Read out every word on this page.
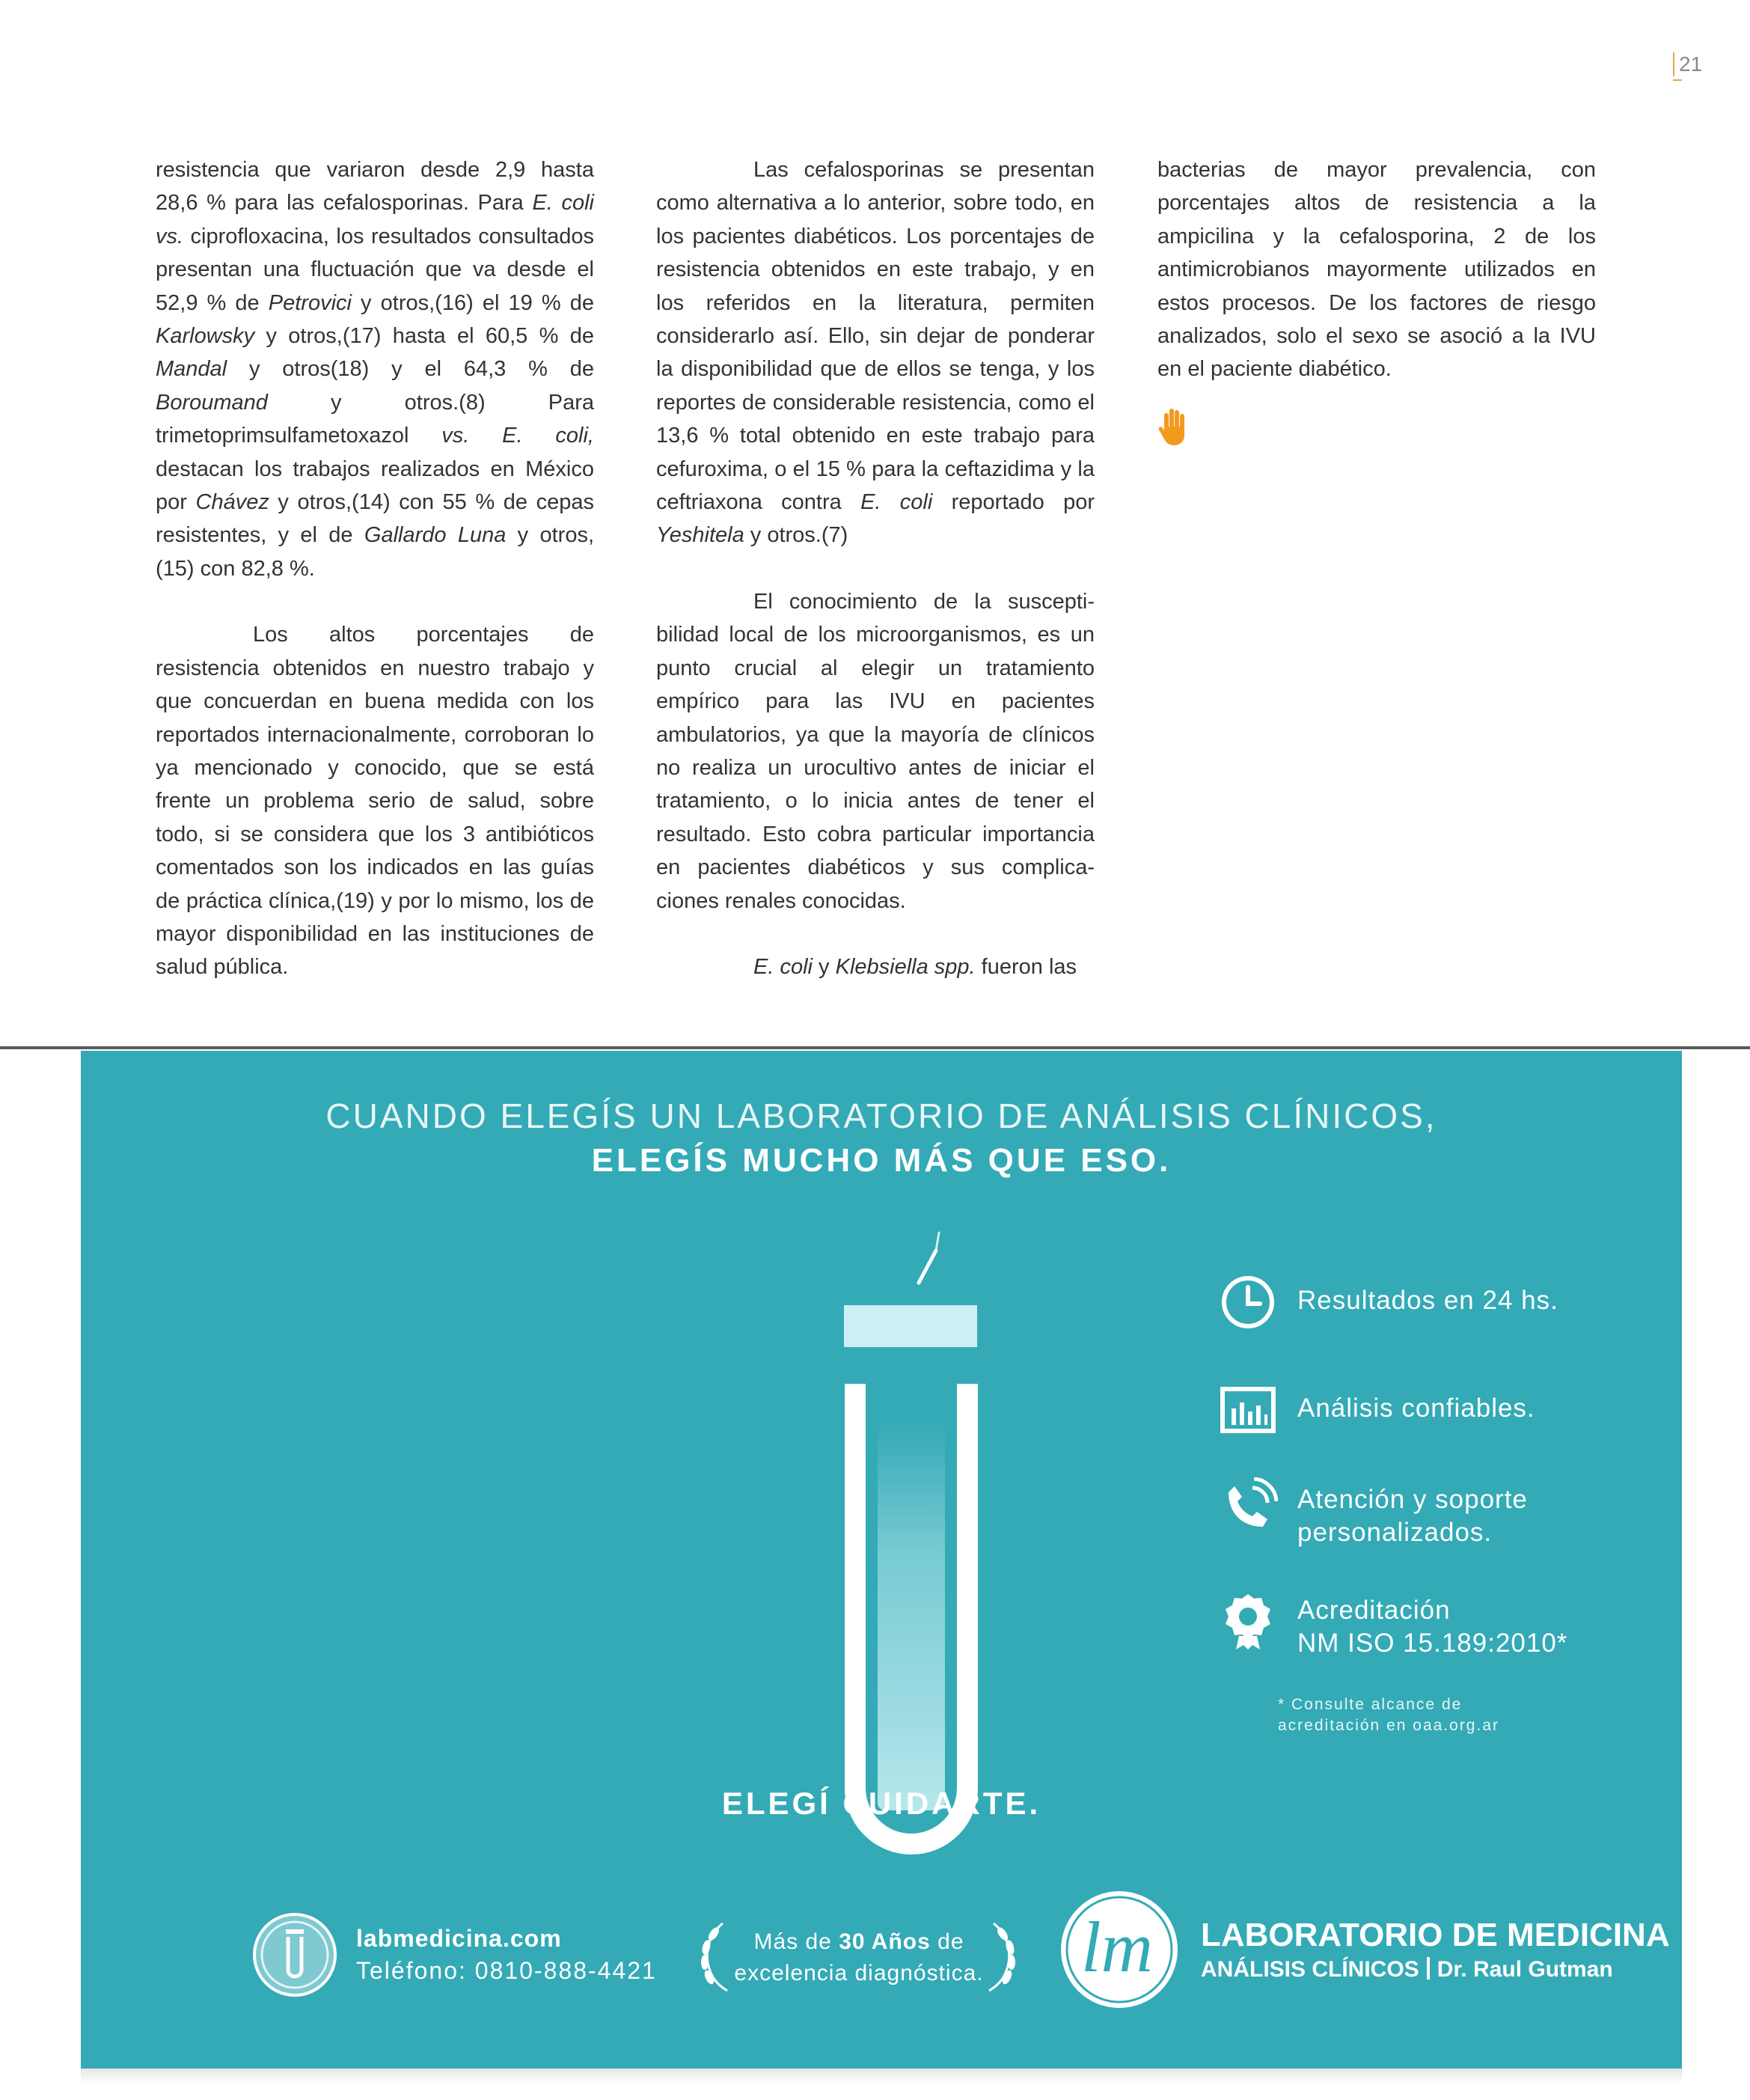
21

resistencia que variaron desde 2,9 hasta 28,6 % para las cefalosporinas. Para E. coli vs. ciprofloxacina, los resultados consultados presentan una fluctuación que va desde el 52,9 % de Petrovici y otros,(16) el 19 % de Karlowsky y otros,(17) hasta el 60,5 % de Mandal y otros(18) y el 64,3 % de Boroumand y otros.(8) Para trimetoprimsulfametoxazol vs. E. coli, destacan los trabajos realizados en México por Chávez y otros,(14) con 55 % de cepas resistentes, y el de Gallardo Luna y otros,(15) con 82,8 %.

Los altos porcentajes de resistencia obtenidos en nuestro trabajo y que concuerdan en buena medida con los reportados internacionalmente, corroboran lo ya mencionado y conocido, que se está frente un problema serio de salud, sobre todo, si se considera que los 3 antibióticos comentados son los indicados en las guías de práctica clínica,(19) y por lo mismo, los de mayor disponibilidad en las instituciones de salud pública.

Las cefalosporinas se presentan como alternativa a lo anterior, sobre todo, en los pacientes diabéticos. Los porcentajes de resistencia obtenidos en este trabajo, y en los referidos en la literatura, permiten considerarlo así. Ello, sin dejar de ponderar la disponibilidad que de ellos se tenga, y los reportes de considerable resistencia, como el 13,6 % total obtenido en este trabajo para cefuroxima, o el 15 % para la ceftazidima y la ceftriaxona contra E. coli reportado por Yeshitela y otros.(7)

El conocimiento de la suscepti-bilidad local de los microorganismos, es un punto crucial al elegir un tratamiento empírico para las IVU en pacientes ambulatorios, ya que la mayoría de clínicos no realiza un urocultivo antes de iniciar el tratamiento, o lo inicia antes de tener el resultado. Esto cobra particular importancia en pacientes diabéticos y sus complica-ciones renales conocidas.

E. coli y Klebsiella spp. fueron las

bacterias de mayor prevalencia, con porcentajes altos de resistencia a la ampicilina y la cefalosporina, 2 de los antimicrobianos mayormente utilizados en estos procesos. De los factores de riesgo analizados, solo el sexo se asoció a la IVU en el paciente diabético.

CUANDO ELEGÍS UN LABORATORIO DE ANÁLISIS CLÍNICOS,
ELEGÍS MUCHO MÁS QUE ESO.
Resultados en 24 hs.
Análisis confiables.
Atención y soporte
personalizados.
Acreditación
NM ISO 15.189:2010*
* Consulte alcance de
acreditación en oaa.org.ar
ELEGÍ CUIDARTE.
labmedicina.com
Teléfono: 0810-888-4421
Más de 30 Años de
excelencia diagnóstica. lm LABORATORIO DE MEDICINA
ANÁLISIS CLÍNICOS Dr. Raul Gutman
